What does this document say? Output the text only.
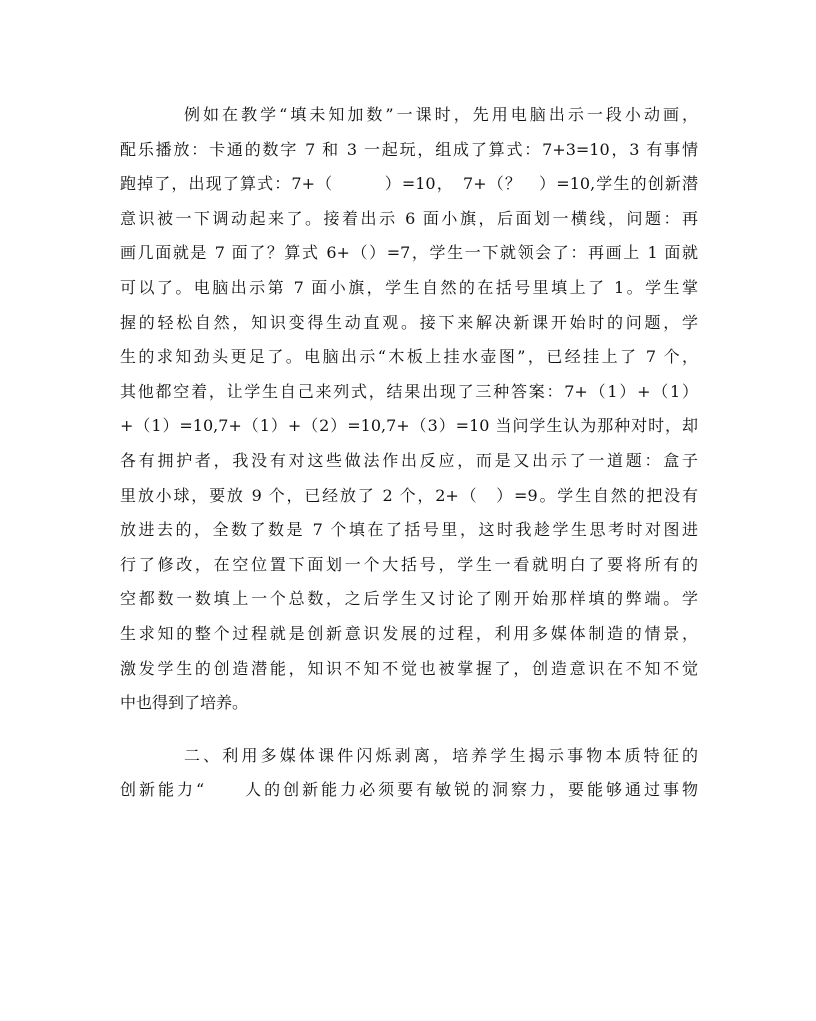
例如在教学“填未知加数”一课时，先用电脑出示一段小动画，
配乐播放：卡通的数字 7 和 3 一起玩，组成了算式：7+3=10，3 有事情
跑掉了，出现了算式：7+（　　　）=10，　7+（？　）=10,学生的创新潜
意识被一下调动起来了。接着出示 6 面小旗，后面划一横线，问题：再
画几面就是 7 面了？算式 6+（）=7，学生一下就领会了：再画上 1 面就
可以了。电脑出示第 7 面小旗，学生自然的在括号里填上了 1。学生掌
握的轻松自然，知识变得生动直观。接下来解决新课开始时的问题，学
生的求知劲头更足了。电脑出示“木板上挂水壶图”，已经挂上了 7 个，
其他都空着，让学生自己来列式，结果出现了三种答案：7+（1）+（1）
+（1）=10,7+（1）+（2）=10,7+（3）=10 当问学生认为那种对时，却
各有拥护者，我没有对这些做法作出反应，而是又出示了一道题：盒子
里放小球，要放 9 个，已经放了 2 个，2+（　）=9。学生自然的把没有
放进去的，全数了数是 7 个填在了括号里，这时我趁学生思考时对图进
行了修改，在空位置下面划一个大括号，学生一看就明白了要将所有的
空都数一数填上一个总数，之后学生又讨论了刚开始那样填的弊端。学
生求知的整个过程就是创新意识发展的过程，利用多媒体制造的情景，
激发学生的创造潜能，知识不知不觉也被掌握了，创造意识在不知不觉
中也得到了培养。
二、利用多媒体课件闪烁剥离，培养学生揭示事物本质特征的
创新能力“　　人的创新能力必须要有敏锐的洞察力，要能够通过事物
